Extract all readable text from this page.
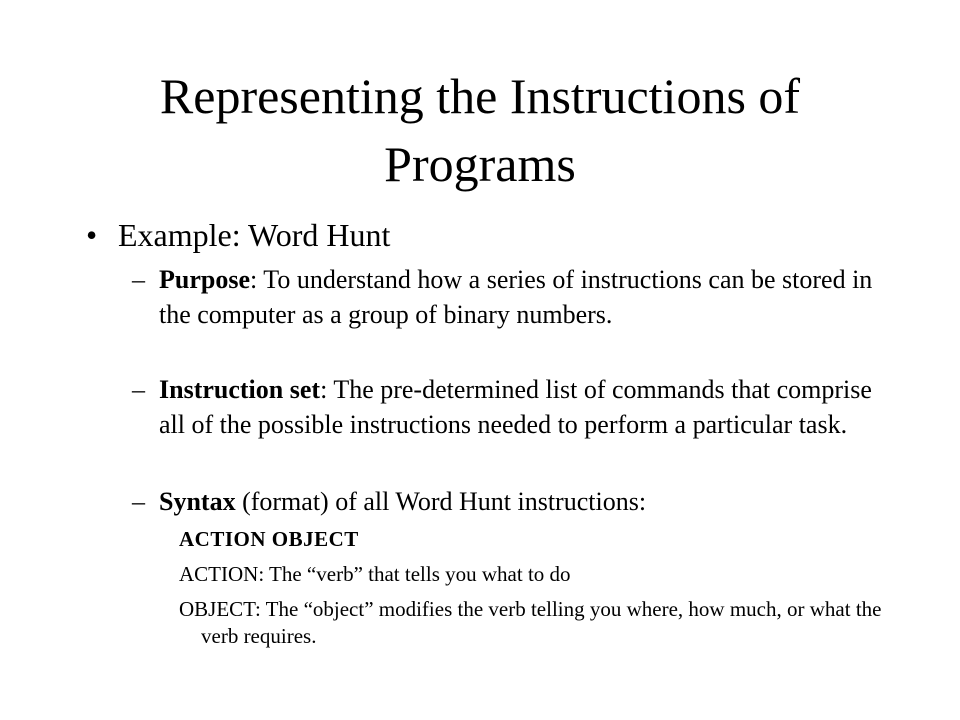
Representing the Instructions of Programs
• Example: Word Hunt
– Purpose: To understand how a series of instructions can be stored in the computer as a group of binary numbers.
– Instruction set: The pre-determined list of commands that comprise all of the possible instructions needed to perform a particular task.
– Syntax (format) of all Word Hunt instructions:
ACTION OBJECT
ACTION: The “verb” that tells you what to do
OBJECT: The “object” modifies the verb telling you where, how much, or what the verb requires.
